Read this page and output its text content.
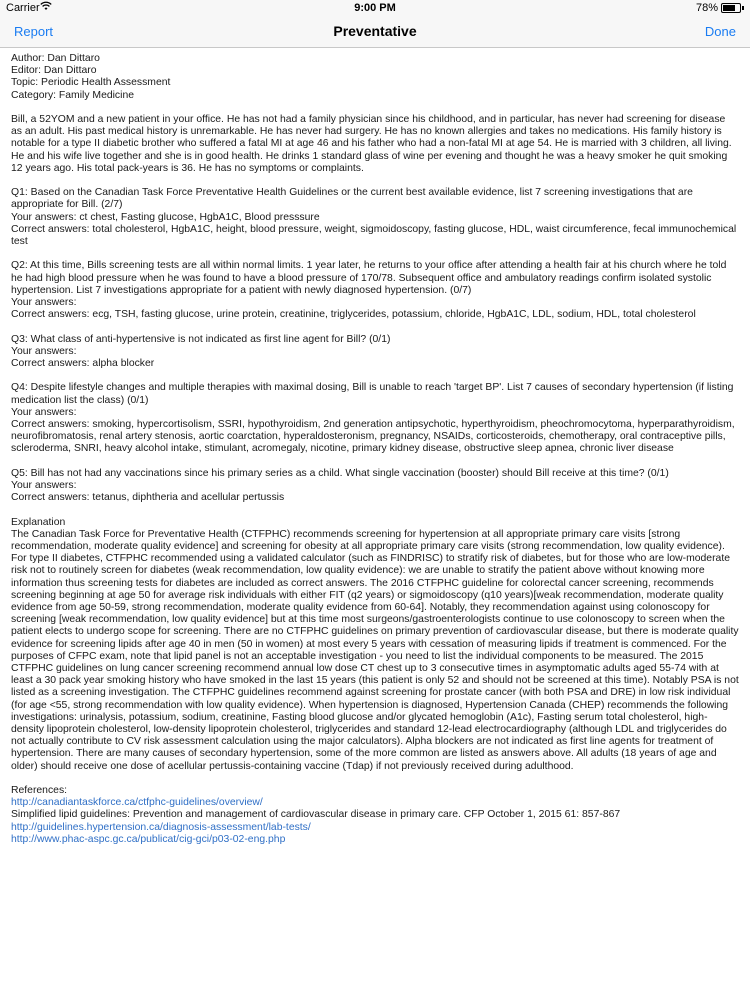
Carrier	9:00 PM	78%
Report	Preventative	Done

Author: Dan Dittaro
Editor: Dan Dittaro
Topic: Periodic Health Assessment
Category: Family Medicine

Bill, a 52YOM and a new patient in your office. He has not had a family physician since his childhood, and in particular, has never had screening for disease as an adult. His past medical history is unremarkable. He has never had surgery. He has no known allergies and takes no medications. His family history is notable for a type II diabetic brother who suffered a fatal MI at age 46 and his father who had a non-fatal MI at age 54. He is married with 3 children, all living. He and his wife live together and she is in good health. He drinks 1 standard glass of wine per evening and thought he was a heavy smoker he quit smoking 12 years ago. His total pack-years is 36. He has no symptoms or complaints.

Q1: Based on the Canadian Task Force Preventative Health Guidelines or the current best available evidence, list 7 screening investigations that are appropriate for Bill. (2/7)
Your answers: ct chest, Fasting glucose, HgbA1C, Blood presssure
Correct answers: total cholesterol, HgbA1C, height, blood pressure, weight, sigmoidoscopy, fasting glucose, HDL, waist circumference, fecal immunochemical test

Q2: At this time, Bills screening tests are all within normal limits. 1 year later, he returns to your office after attending a health fair at his church where he told he had high blood pressure when he was found to have a blood pressure of 170/78. Subsequent office and ambulatory readings confirm isolated systolic hypertension. List 7 investigations appropriate for a patient with newly diagnosed hypertension. (0/7)
Your answers:
Correct answers: ecg, TSH, fasting glucose, urine protein, creatinine, triglycerides, potassium, chloride, HgbA1C, LDL, sodium, HDL, total cholesterol

Q3: What class of anti-hypertensive is not indicated as first line agent for Bill? (0/1)
Your answers:
Correct answers: alpha blocker

Q4: Despite lifestyle changes and multiple therapies with maximal dosing, Bill is unable to reach 'target BP'. List 7 causes of secondary hypertension (if listing medication list the class) (0/1)
Your answers:
Correct answers: smoking, hypercortisolism, SSRI, hypothyroidism, 2nd generation antipsychotic, hyperthyroidism, pheochromocytoma, hyperparathyroidism, neurofibromatosis, renal artery stenosis, aortic coarctation, hyperaldosteronism, pregnancy, NSAIDs, corticosteroids, chemotherapy, oral contraceptive pills, scleroderma, SNRI, heavy alcohol intake, stimulant, acromegaly, nicotine, primary kidney disease, obstructive sleep apnea, chronic liver disease

Q5: Bill has not had any vaccinations since his primary series as a child. What single vaccination (booster) should Bill receive at this time? (0/1)
Your answers:
Correct answers: tetanus, diphtheria and acellular pertussis

Explanation
The Canadian Task Force for Preventative Health (CTFPHC) recommends screening for hypertension at all appropriate primary care visits [strong recommendation, moderate quality evidence] and screening for obesity at all appropriate primary care visits (strong recommendation, low quality evidence). For type II diabetes, CTFPHC recommended using a validated calculator (such as FINDRISC) to stratify risk of diabetes, but for those who are low-moderate risk not to routinely screen for diabetes (weak recommendation, low quality evidence): we are unable to stratify the patient above without knowing more information thus screening tests for diabetes are included as correct answers. The 2016 CTFPHC guideline for colorectal cancer screening, recommends screening beginning at age 50 for average risk individuals with either FIT (q2 years) or sigmoidoscopy (q10 years)[weak recommendation, moderate quality evidence from age 50-59, strong recommendation, moderate quality evidence from 60-64]. Notably, they recommendation against using colonoscopy for screening [weak recommendation, low quality evidence] but at this time most surgeons/gastroenterologists continue to use colonoscopy to screen when the patient elects to undergo scope for screening. There are no CTFPHC guidelines on primary prevention of cardiovascular disease, but there is moderate quality evidence for screening lipids after age 40 in men (50 in women) at most every 5 years with cessation of measuring lipids if treatment is commenced. For the purposes of CFPC exam, note that lipid panel is not an acceptable investigation - you need to list the individual components to be measured. The 2015 CTFPHC guidelines on lung cancer screening recommend annual low dose CT chest up to 3 consecutive times in asymptomatic adults aged 55-74 with at least a 30 pack year smoking history who have smoked in the last 15 years (this patient is only 52 and should not be screened at this time). Notably PSA is not listed as a screening investigation. The CTFPHC guidelines recommend against screening for prostate cancer (with both PSA and DRE) in low risk individual (for age <55, strong recommendation with low quality evidence). When hypertension is diagnosed, Hypertension Canada (CHEP) recommends the following investigations: urinalysis, potassium, sodium, creatinine, Fasting blood glucose and/or glycated hemoglobin (A1c), Fasting serum total cholesterol, high-density lipoprotein cholesterol, low-density lipoprotein cholesterol, triglycerides and standard 12-lead electrocardiography (although LDL and triglycerides do not actually contribute to CV risk assessment calculation using the major calculators). Alpha blockers are not indicated as first line agents for treatment of hypertension. There are many causes of secondary hypertension, some of the more common are listed as answers above. All adults (18 years of age and older) should receive one dose of acellular pertussis-containing vaccine (Tdap) if not previously received during adulthood.

References:
http://canadiantaskforce.ca/ctfphc-guidelines/overview/
Simplified lipid guidelines: Prevention and management of cardiovascular disease in primary care. CFP October 1, 2015 61: 857-867
http://guidelines.hypertension.ca/diagnosis-assessment/lab-tests/
http://www.phac-aspc.gc.ca/publicat/cig-gci/p03-02-eng.php
